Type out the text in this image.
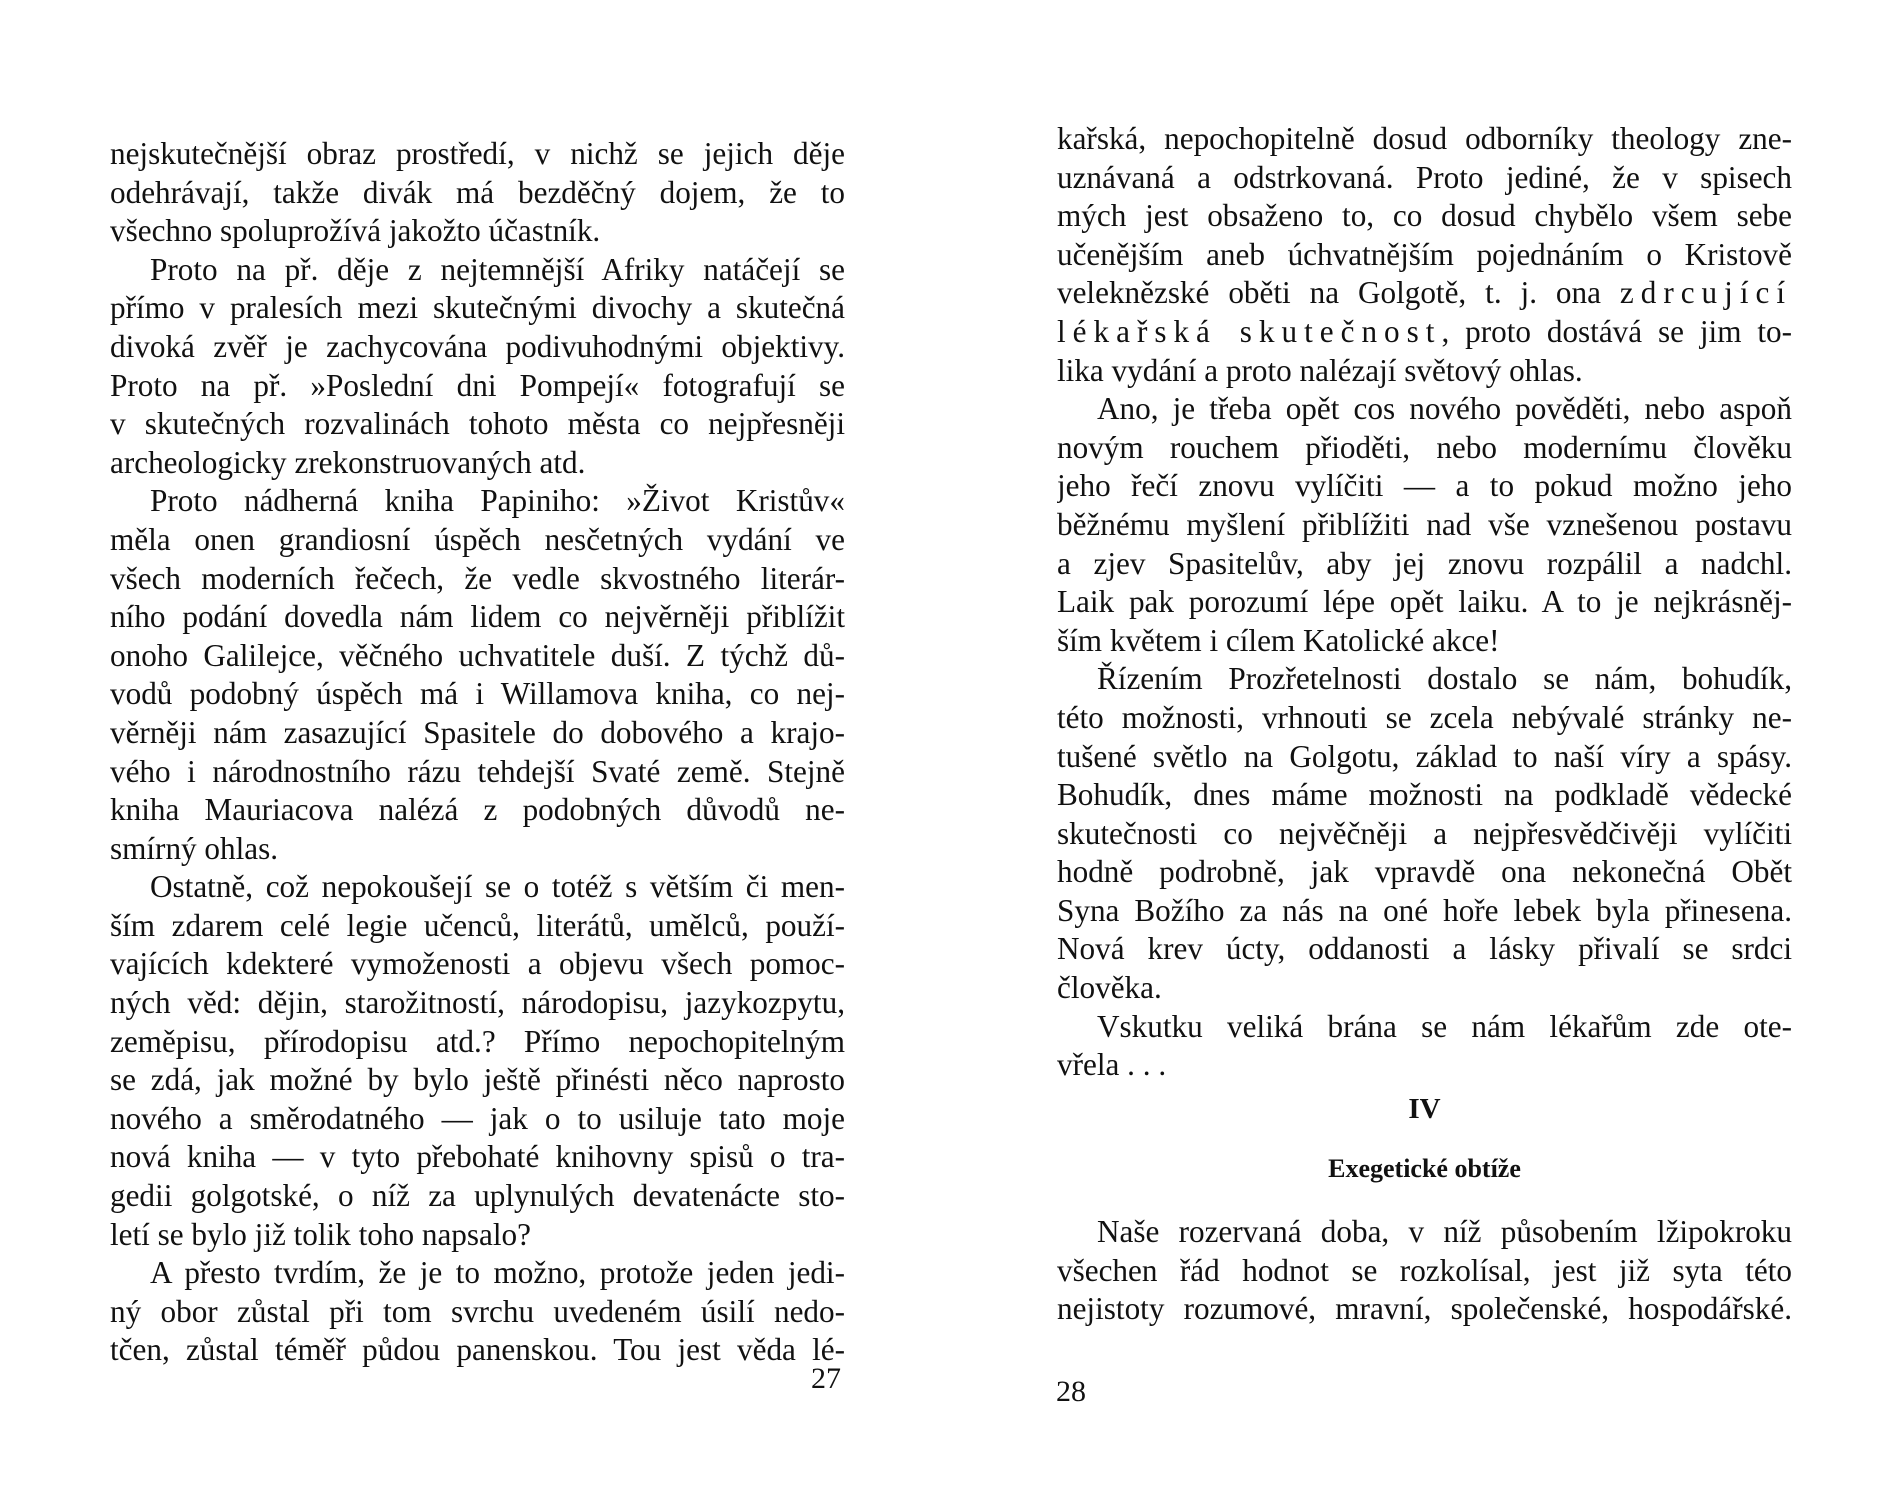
nejskutečnější obraz prostředí, v nichž se jejich děje
odehrávají, takže divák má bezděčný dojem, že to
všechno spoluprožívá jakožto účastník.
Proto na př. děje z nejtemnější Afriky natáčejí se
přímo v pralesích mezi skutečnými divochy a skutečná
divoká zvěř je zachycována podivuhodnými objektivy.
Proto na př. »Poslední dni Pompejí« fotografují se
v skutečných rozvalinách tohoto města co nejpřesněji
archeologicky zrekonstruovaných atd.
Proto nádherná kniha Papiniho: »Život Kristův«
měla onen grandiosní úspěch nesčetných vydání ve
všech moderních řečech, že vedle skvostného literár-
ního podání dovedla nám lidem co nejvěrněji přiblížit
onoho Galilejce, věčného uchvatitele duší. Z týchž dů-
vodů podobný úspěch má i Willamova kniha, co nej-
věrněji nám zasazující Spasitele do dobového a krajo-
vého i národnostního rázu tehdejší Svaté země. Stejně
kniha Mauriacova nalézá z podobných důvodů ne-
smírný ohlas.
Ostatně, což nepokoušejí se o totéž s větším či men-
ším zdarem celé legie učenců, literátů, umělců, použí-
vajících kdekteré vymoženosti a objevu všech pomoc-
ných věd: dějin, starožitností, národopisu, jazykozpytu,
zeměpisu, přírodopisu atd.? Přímo nepochopitelným
se zdá, jak možné by bylo ještě přinésti něco naprosto
nového a směrodatného — jak o to usiluje tato moje
nová kniha — v tyto přebohaté knihovny spisů o tra-
gedii golgotské, o níž za uplynulých devatenácte sto-
letí se bylo již tolik toho napsalo?
A přesto tvrdím, že je to možno, protože jeden jedi-
ný obor zůstal při tom svrchu uvedeném úsilí nedo-
tčen, zůstal téměř půdou panenskou. Tou jest věda lé-
27
kařská, nepochopitelně dosud odborníky theology zne-
uznávaná a odstrkovaná. Proto jediné, že v spisech
mých jest obsaženo to, co dosud chybělo všem sebe
učenějším aneb úchvatnějším pojednáním o Kristově
veleknězské oběti na Golgotě, t. j. ona zdrcující
lékařská skutečnost, proto dostává se jim to-
lika vydání a proto nalézají světový ohlas.
Ano, je třeba opět cos nového pověděti, nebo aspoň
novým rouchem přioděti, nebo modernímu člověku
jeho řečí znovu vylíčiti — a to pokud možno jeho
běžnému myšlení přiblížiti nad vše vznešenou postavu
a zjev Spasitelův, aby jej znovu rozpálil a nadchl.
Laik pak porozumí lépe opět laiku. A to je nejkrásněj-
ším květem i cílem Katolické akce!
Řízením Prozřetelnosti dostalo se nám, bohudík,
této možnosti, vrhnouti se zcela nebývalé stránky ne-
tušené světlo na Golgotu, základ to naší víry a spásy.
Bohudík, dnes máme možnosti na podkladě vědecké
skutečnosti co nejvěčněji a nejpřesvědčivěji vylíčiti
hodně podrobně, jak vpravdě ona nekonečná Obět
Syna Božího za nás na oné hoře lebek byla přinesena.
Nová krev úcty, oddanosti a lásky přivalí se srdci
člověka.
Vskutku veliká brána se nám lékařům zde ote-
vřela . . .
IV
Exegetické obtíže
Naše rozervaná doba, v níž působením lžipokroku
všechen řád hodnot se rozkolísal, jest již syta této
nejistoty rozumové, mravní, společenské, hospodářské.
28
